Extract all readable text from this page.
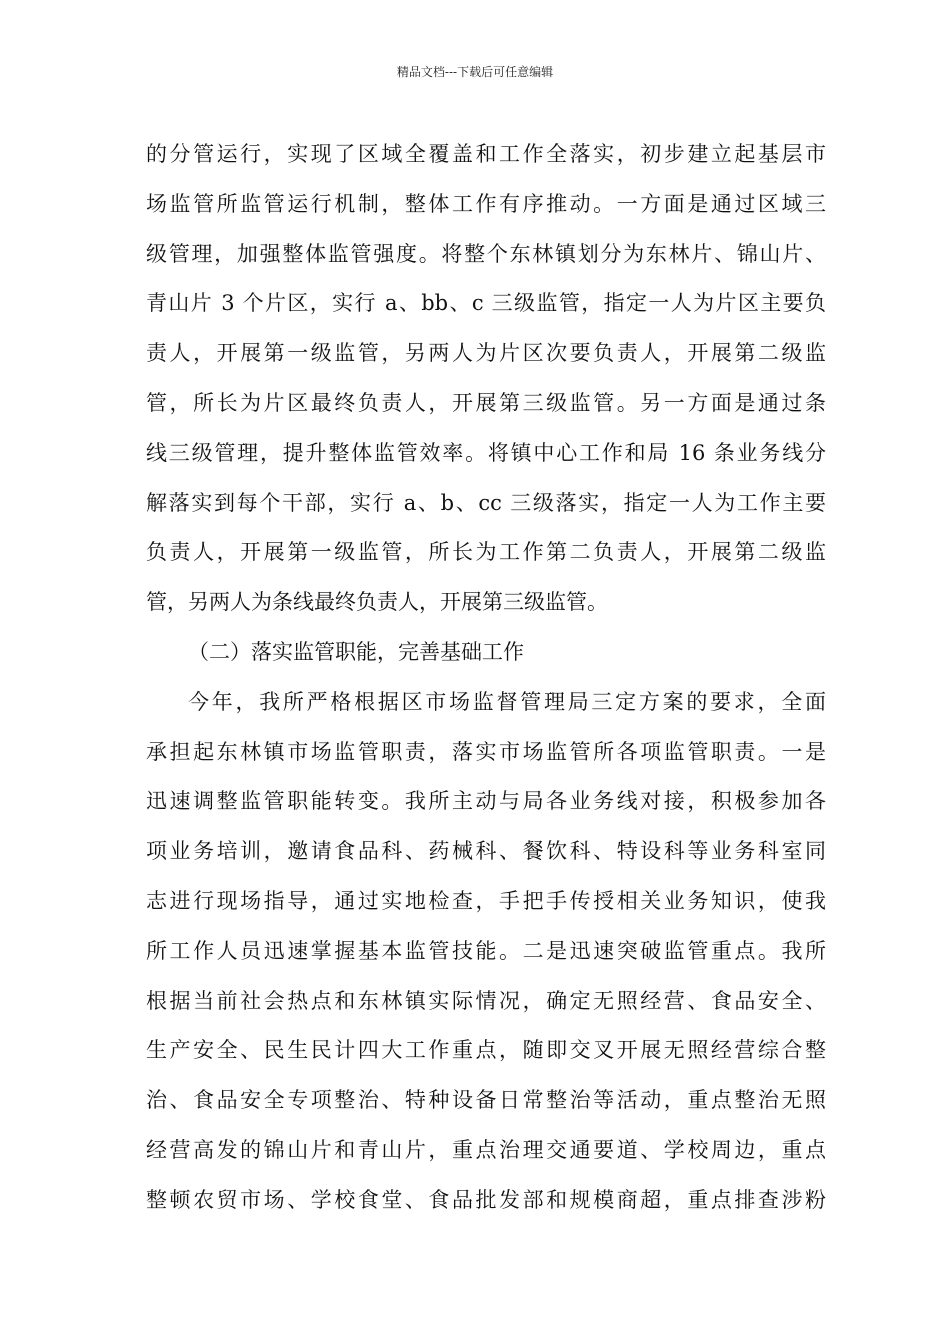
精品文档---下载后可任意编辑
的分管运行，实现了区域全覆盖和工作全落实，初步建立起基层市
场监管所监管运行机制，整体工作有序推动。一方面是通过区域三
级管理，加强整体监管强度。将整个东林镇划分为东林片、锦山片、
青山片 3 个片区，实行 a、bb、c 三级监管，指定一人为片区主要负
责人，开展第一级监管，另两人为片区次要负责人，开展第二级监
管，所长为片区最终负责人，开展第三级监管。另一方面是通过条
线三级管理，提升整体监管效率。将镇中心工作和局 16 条业务线分
解落实到每个干部，实行 a、b、cc 三级落实，指定一人为工作主要
负责人，开展第一级监管，所长为工作第二负责人，开展第二级监
管，另两人为条线最终负责人，开展第三级监管。
（二）落实监管职能，完善基础工作
今年，我所严格根据区市场监督管理局三定方案的要求，全面
承担起东林镇市场监管职责，落实市场监管所各项监管职责。一是
迅速调整监管职能转变。我所主动与局各业务线对接，积极参加各
项业务培训，邀请食品科、药械科、餐饮科、特设科等业务科室同
志进行现场指导，通过实地检查，手把手传授相关业务知识，使我
所工作人员迅速掌握基本监管技能。二是迅速突破监管重点。我所
根据当前社会热点和东林镇实际情况，确定无照经营、食品安全、
生产安全、民生民计四大工作重点，随即交叉开展无照经营综合整
治、食品安全专项整治、特种设备日常整治等活动，重点整治无照
经营高发的锦山片和青山片，重点治理交通要道、学校周边，重点
整顿农贸市场、学校食堂、食品批发部和规模商超，重点排查涉粉
